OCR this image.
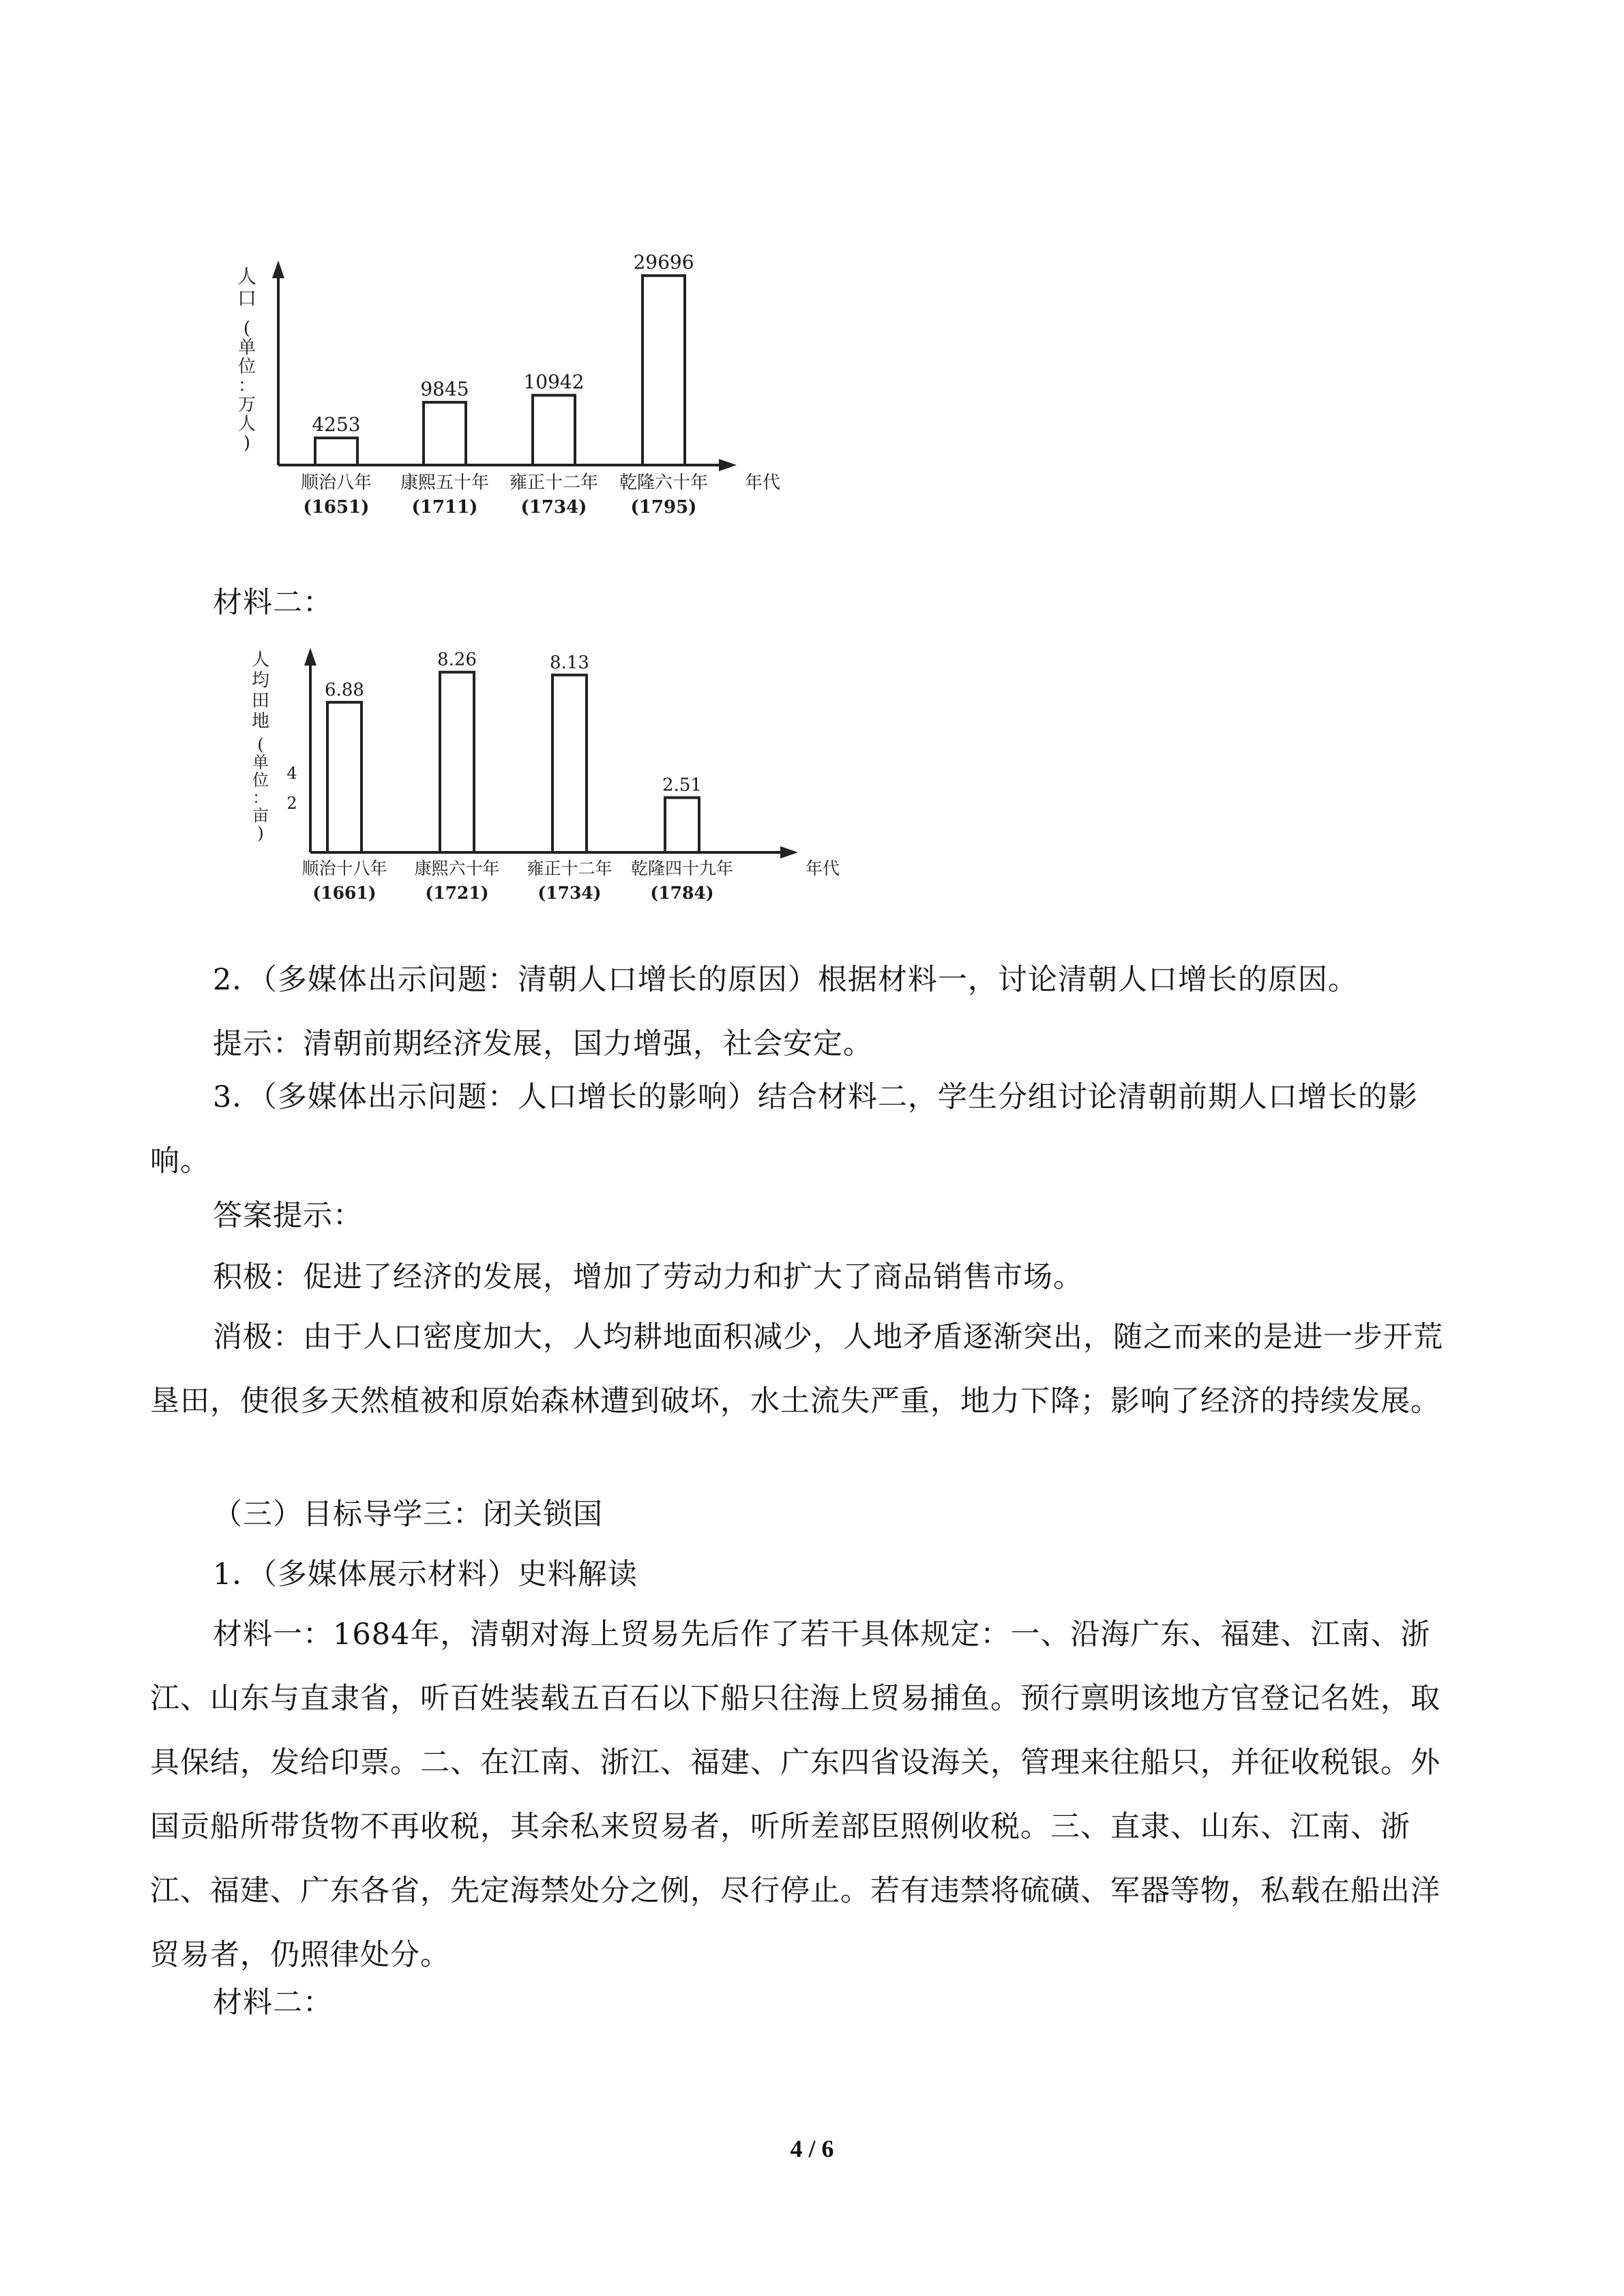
人
口
(
单
位
：
万
人
)
4253
顺治八年
(1651)
9845
康熙五十年
(1711)
10942
雍正十二年
(1734)
29696
乾隆六十年
(1795)
年代
材料二：
人
均
田
地
(
单
位
：
亩
)
4
2
6.88
顺治十八年
(1661)
8.26
康熙六十年
(1721)
8.13
雍正十二年
(1734)
2.51
乾隆四十九年
(1784)
年代

2．（多媒体出示问题：清朝人口增长的原因）根据材料一，讨论清朝人口增长的原因。

提示：清朝前期经济发展，国力增强，社会安定。

3．（多媒体出示问题：人口增长的影响）结合材料二，学生分组讨论清朝前期人口增长的影响。

答案提示：

积极：促进了经济的发展，增加了劳动力和扩大了商品销售市场。

消极：由于人口密度加大，人均耕地面积减少，人地矛盾逐渐突出，随之而来的是进一步开荒垦田，使很多天然植被和原始森林遭到破坏，水土流失严重，地力下降；影响了经济的持续发展。

（三）目标导学三：闭关锁国

1．（多媒体展示材料）史料解读

材料一：1684年，清朝对海上贸易先后作了若干具体规定：一、沿海广东、福建、江南、浙江、山东与直隶省，听百姓装载五百石以下船只往海上贸易捕鱼。预行禀明该地方官登记名姓，取具保结，发给印票。二、在江南、浙江、福建、广东四省设海关，管理来往船只，并征收税银。外国贡船所带货物不再收税，其余私来贸易者，听所差部臣照例收税。三、直隶、山东、江南、浙江、福建、广东各省，先定海禁处分之例，尽行停止。若有违禁将硫磺、军器等物，私载在船出洋贸易者，仍照律处分。

材料二：

4 / 6
